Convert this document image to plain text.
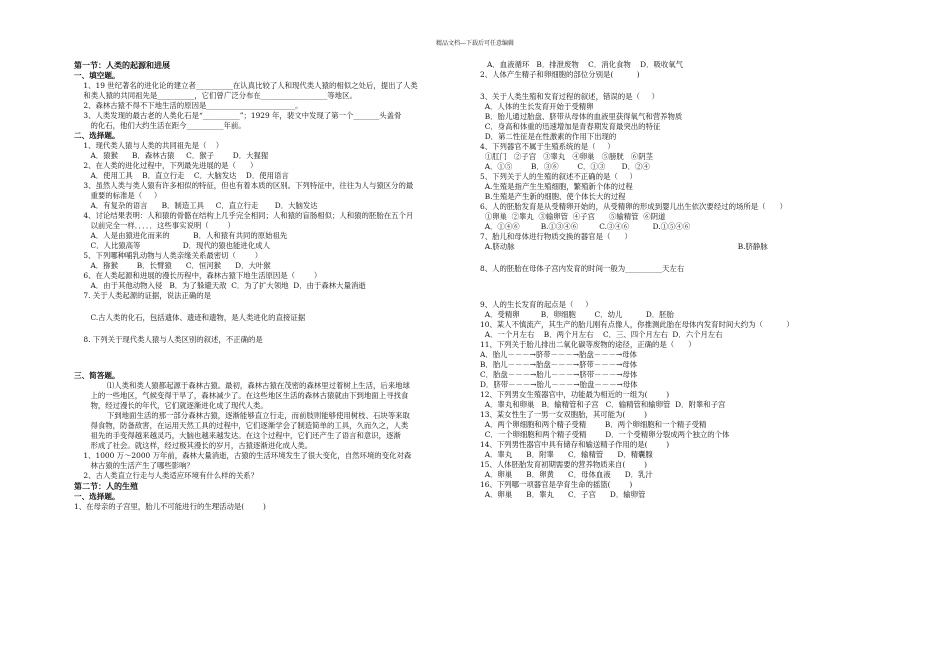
精品文档---下载后可任意编辑
第一节：人类的起源和进展
一、填空题。
1、19 世纪著名的进化论的建立者__________在认真比较了人和现代类人猿的相似之处后，提出了人类
和类人猿的共同祖先是__________，它们曾广泛分布在__________________等地区。
2、森林古猿不得不下地生活的原因是________________________。
3、人类发现的最古老的人类化石是“__________”；1929 年，裴文中发现了第一个_______头盖骨
的化石，他们大约生活在距今__________年前。
二、选择题。
1、现代类人猿与人类的共同祖先是（    ）
A．猿猴      B．森林古猿     C．猴子        D．大猩猩
2、在人类的进化过程中，下列最先进展的是（      ）
A．使用工具    B．直立行走    C．大脑发达    D．使用语言
3、虽然人类与类人猿有许多相似的特征，但也有着本质的区别。下列特征中，往往为人与猿区分的最
重要的标准是（     ）
A．有复杂的语言      B．制造工具     C．直立行走       D．大脑发达
4、讨论结果表明：人和猿的骨骼在结构上几乎完全相同；人和猿的盲肠相似；人和猿的胚胎在五个月
以前完全一样．．．．．这些事实说明（        ）
A．人是由猿进化而来的          B．人和猿有共同的原始祖先
C．人比猿高等                  D．现代的猿也能进化成人
5、下列哪种哺乳动物与人类亲缘关系最密切（        ）
A．猕猴        B．长臂猿      C．恒河猴      D．大叶猴
6、在人类起源和进展的漫长历程中，森林古猿下地生活原因是（        ）
A．由于其他动物入侵   B．为了躲避天敌  C．为了扩大领地  D．由于森林大量消逝
7. 关于人类起源的证据，说法正确的是
C.古人类的化石，包括遗体、遗迹和遗物，是人类进化的直接证据
8. 下列关于现代类人猿与人类区别的叙述，不正确的是
三、简答题。
⑴人类和类人猿都起源于森林古猿。最初，森林古猿在茂密的森林里过着树上生活，后来地球
上的一些地区，气候变得干旱了，森林减少了。在这些地区生活的森林古猿就由下到地面上寻找食
物，经过漫长的年代，它们就逐渐进化成了现代人类。
下到地面生活的那一部分森林古猿，逐渐能够直立行走，而前肢则能够使用树枝、石块等来取
得食物，防备敌害，在运用天然工具的过程中，它们逐渐学会了制造简单的工具，久而久之，人类
祖先的手变得越来越灵巧，大脑也越来越发达。在这个过程中，它们还产生了语言和意识，逐渐
形成了社会。就这样，经过极其漫长的岁月，古猿逐渐进化成人类。
1、1000 万～2000 万年前，森林大量消逝，古猿的生活环境发生了很大变化，自然环境的变化对森
林古猿的生活产生了哪些影响？
2、古人类直立行走与人类适应环境有什么样的关系？
第二节：人的生殖
一、选择题。
1、在母亲的子宫里，胎儿不可能进行的生理活动是(        )
A．血液循环   B．排泄废物    C．消化食物    D．吸收氧气
2、人体产生精子和卵细胞的部位分别是(          )
3、关于人类生殖和发育过程的叙述，错误的是（     ）
A．人体的生长发育开始于受精卵
B．胎儿通过胎盘、脐带从母体的血液里获得氧气和营养物质
C．身高和体重的迅速增加是青春期发育最突出的特征
D．第二性征是在性激素的作用下出现的
4、下列器官不属于生殖系统的是（     ）
①肛门   ②子宫   ③睾丸   ④卵巢   ⑤膀胱   ⑥阴茎
A．①⑤        B．③⑥        C．①③       D．②④
5、下列关于人的生殖的叙述不正确的是（     ）
A.生殖是指产生生殖细胞，繁殖新个体的过程
B.生殖是产生新的细胞、使个体长大的过程
6、人的胚胎发育是从受精卵开始的，从受精卵的形成到婴儿出生依次要经过的场所是（      ）
①卵巢  ②睾丸  ③输卵管  ④子宫      ⑤输精管  ⑥阴道
A．①④⑥         B.①③④⑥         C.③④⑥          D.①⑤④⑥
7、胎儿和母体进行物质交换的器官是（      ）
A.脐动脉                                                                                               B.脐静脉
8、人的胚胎在母体子宫内发育的时间一般为__________天左右
9、人的生长发育的起点是（     ）
A．受精卵         B．卵细胞        C．幼儿          D．胚胎
10、某人不慎流产，其生产的胎儿刚有点像人，你推测此胎在母体内发育时间大约为（          ）
A．一个月左右    B．两个月左右    C．三、四个月左右  D．六个月左右
11、下列关于胎儿排出二氧化碳等废物的途径，正确的是（      ）
A．胎儿－－－→脐带－－－→胎盘－－－→母体
B．胎儿－－－→胎盘－－－→脐带－－－→母体
C．胎盘－－－→胎儿－－－→脐带－－－→母体
D．脐带－－－→胎儿－－－→胎盘－－－→母体
12、下列男女生殖器官中，功能最为相近的一组为(        )
A．睾丸和卵巢   B．输精管和子宫   C．输精管和输卵管  D．附睾和子宫
13、某女性生了一男一女双胞胎，其可能为(        )
A．两个卵细胞和两个精子受精        B．两个卵细胞和一个精子受精
C．一个卵细胞和两个精子受精        D．一个受精卵分裂成两个独立的个体
14、下列男性器官中具有储存和输送精子作用的是(        )
A．睾丸      B．附睾      C．输精管      D．精囊腺
15、人体胚胎发育初期需要的营养物质来自(        )
A．卵巢      B．卵黄      C．母体血液      D．乳汁
16、下列哪一项器官是孕育生命的摇篮(        )
A．卵巢      B．睾丸      C．子宫      D．输卵管
